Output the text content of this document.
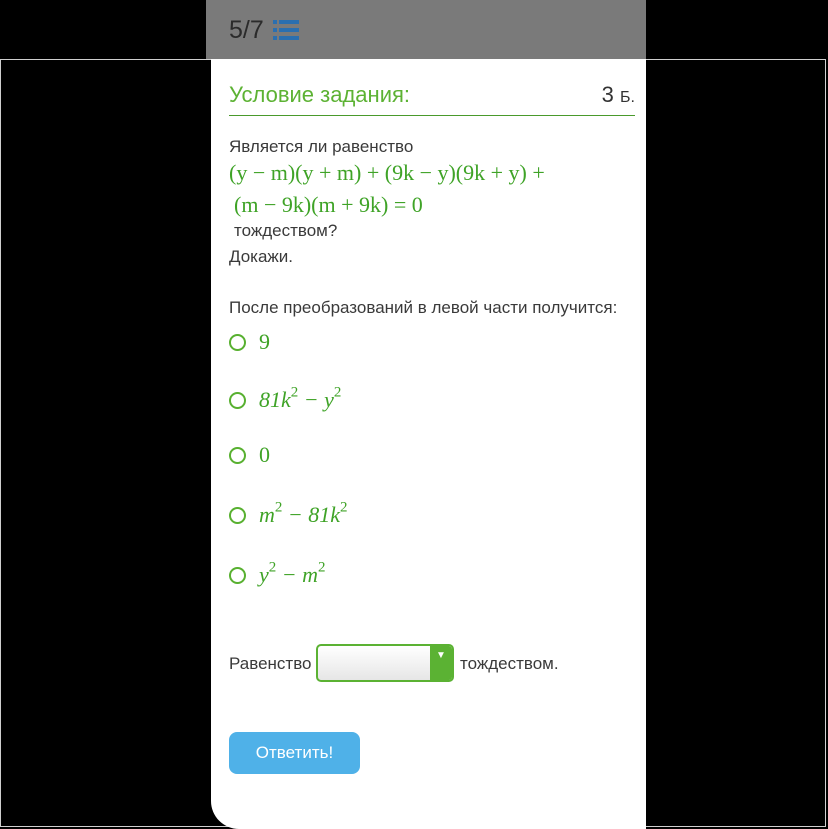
5/7
Условие задания:	3 Б.
Является ли равенство
(y − m)(y + m) + (9k − y)(9k + y) +
(m − 9k)(m + 9k) = 0
тождеством?
Докажи.
После преобразований в левой части получится:
9
$81k^2 - y^2$
0
$m^2 - 81k^2$
$y^2 - m^2$
Равенство	▼ тождеством.
Ответить!
